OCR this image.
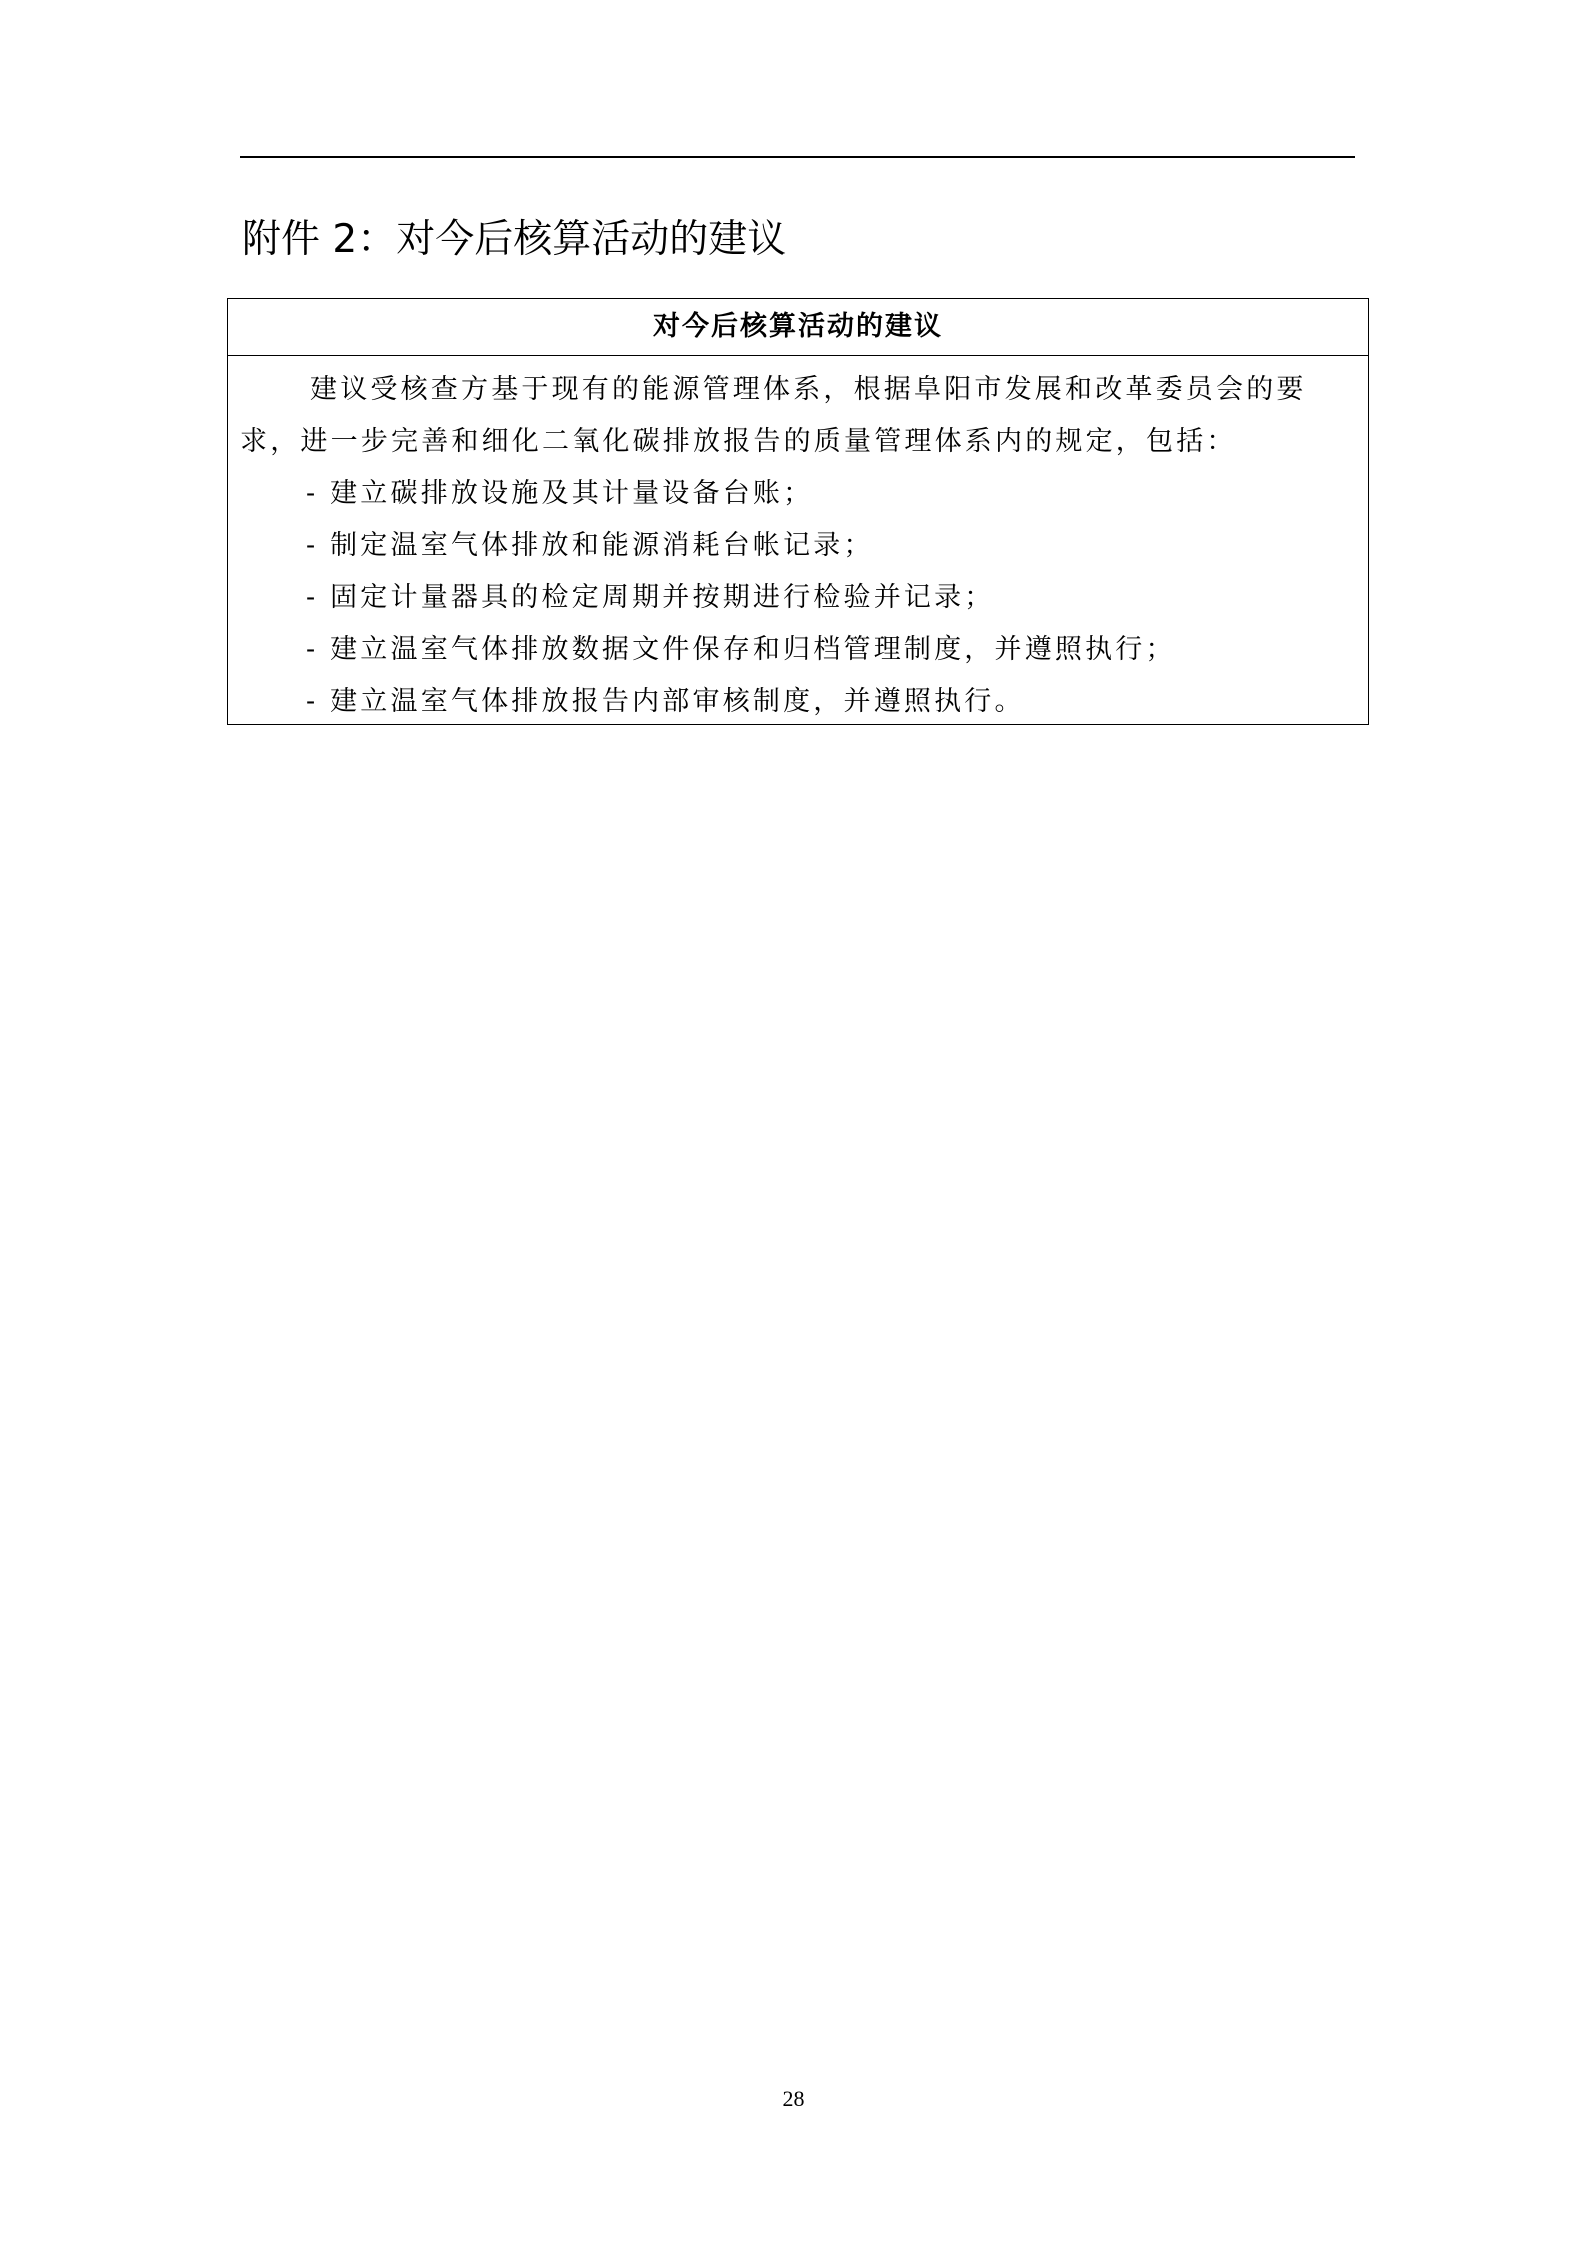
附件 2：对今后核算活动的建议
对今后核算活动的建议
建议受核查方基于现有的能源管理体系，根据阜阳市发展和改革委员会的要
求，进一步完善和细化二氧化碳排放报告的质量管理体系内的规定，包括：
- 建立碳排放设施及其计量设备台账；
- 制定温室气体排放和能源消耗台帐记录；
- 固定计量器具的检定周期并按期进行检验并记录；
- 建立温室气体排放数据文件保存和归档管理制度，并遵照执行；
- 建立温室气体排放报告内部审核制度，并遵照执行。
28
